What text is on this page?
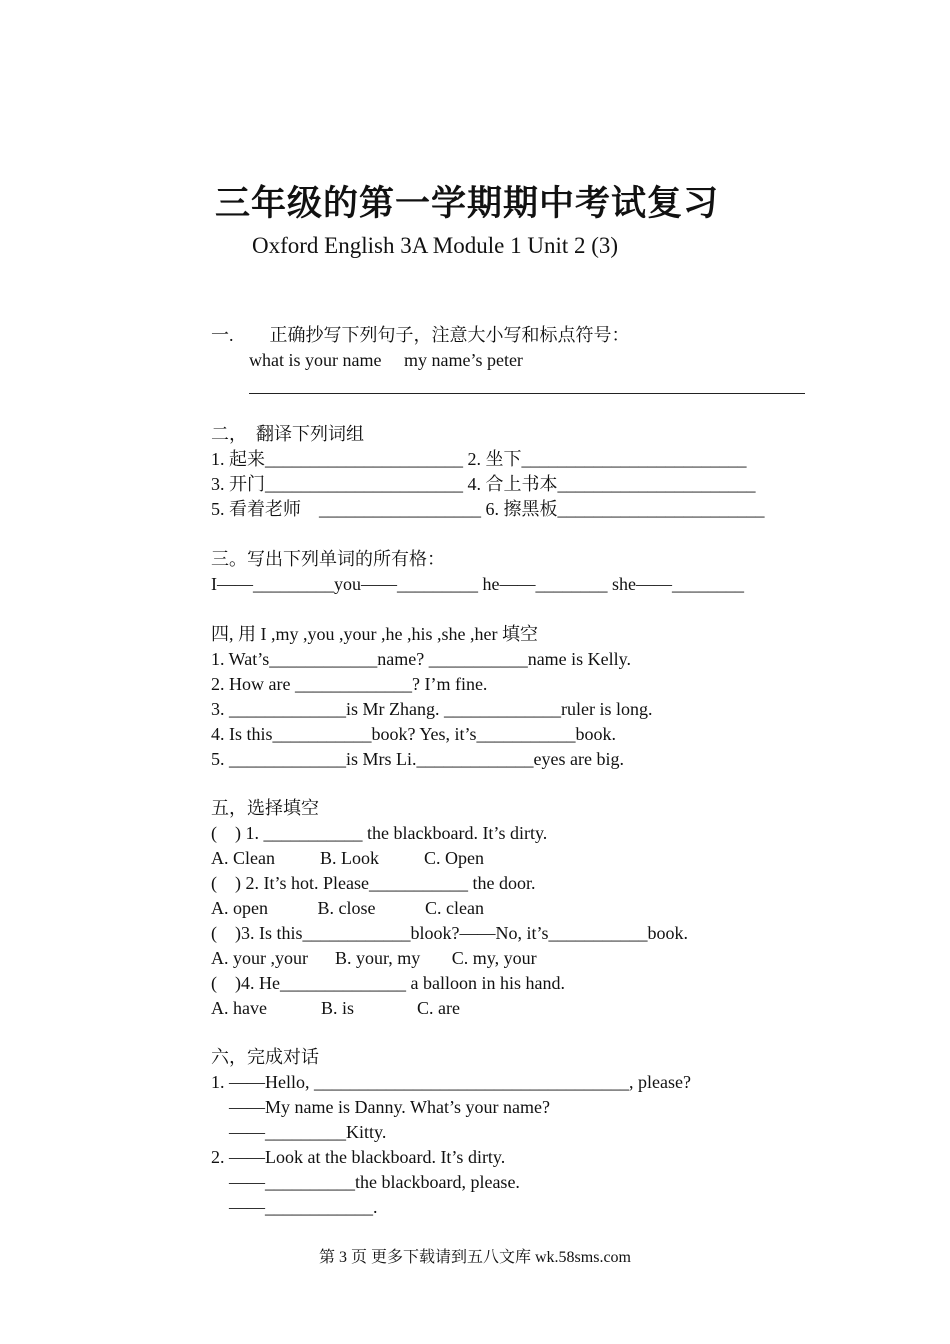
三年级的第一学期期中考试复习
Oxford English 3A Module 1 Unit 2 (3)
一.        正确抄写下列句子，注意大小写和标点符号：
what is your name     my name’s peter
二，  翻译下列词组
1. 起来______________________ 2. 坐下_________________________
3. 开门______________________ 4. 合上书本______________________
5. 看着老师    __________________ 6. 擦黑板_______________________
三。写出下列单词的所有格：
I——_________you——_________ he——________ she——________
四, 用 I ,my ,you ,your ,he ,his ,she ,her 填空
1. Wat’s____________name? ___________name is Kelly.
2. How are _____________? I’m fine.
3. _____________is Mr Zhang. _____________ruler is long.
4. Is this___________book? Yes, it’s___________book.
5. _____________is Mrs Li._____________eyes are big.
五，选择填空
(    ) 1. ___________ the blackboard. It’s dirty.
A. Clean          B. Look          C. Open
(    ) 2. It’s hot. Please___________ the door.
A. open           B. close           C. clean
(    )3. Is this____________blook?——No, it’s___________book.
A. your ,your      B. your, my       C. my, your
(    )4. He______________ a balloon in his hand.
A. have            B. is              C. are
六，完成对话
1. ——Hello, ___________________________________, please?
——My name is Danny. What’s your name?
——_________Kitty.
2. ——Look at the blackboard. It’s dirty.
——__________the blackboard, please.
——____________.
第 3 页 更多下载请到五八文库 wk.58sms.com
